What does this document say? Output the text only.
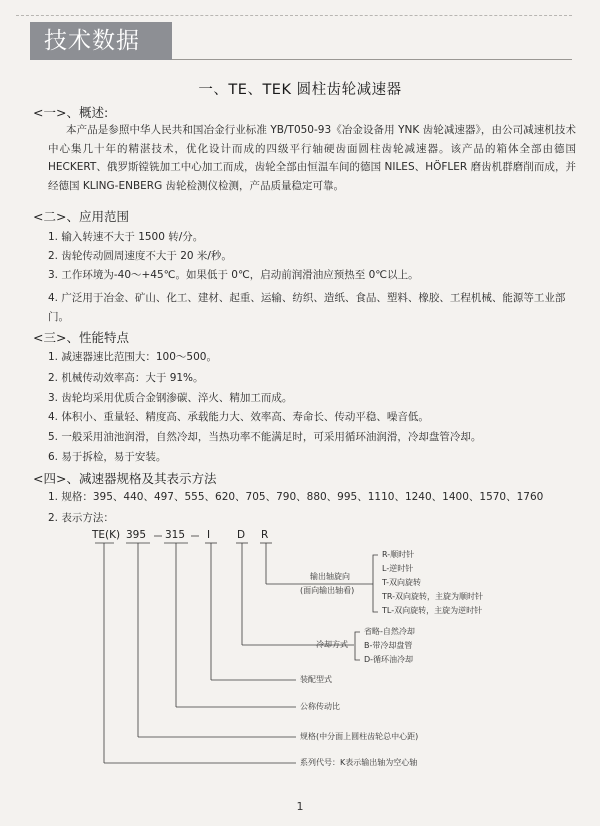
技术数据
一、TE、TEK 圆柱齿轮减速器
<一>、概述:
本产品是参照中华人民共和国冶金行业标准 YB/T050-93《冶金设备用 YNK 齿轮减速器》，由公司减速机技术中心集几十年的精湛技术，优化设计而成的四级平行轴硬齿面圆柱齿轮减速器。该产品的箱体全部由德国 HECKERT、俄罗斯镗铣加工中心加工而成，齿轮全部由恒温车间的德国 NILES、HÖFLER 磨齿机群磨削而成，并经德国 KLING-ENBERG 齿轮检测仪检测，产品质量稳定可靠。
<二>、应用范围
1. 输入转速不大于 1500 转/分。
2. 齿轮传动圆周速度不大于 20 米/秒。
3. 工作环境为-40～+45℃。如果低于 0℃，启动前润滑油应预热至 0℃以上。
4. 广泛用于冶金、矿山、化工、建材、起重、运输、纺织、造纸、食品、塑料、橡胶、工程机械、能源等工业部门。
<三>、性能特点
1. 减速器速比范围大：100～500。
2. 机械传动效率高：大于 91%。
3. 齿轮均采用优质合金钢渗碳、淬火、精加工而成。
4. 体积小、重量轻、精度高、承载能力大、效率高、寿命长、传动平稳、噪音低。
5. 一般采用油池润滑，自然冷却，当热功率不能满足时，可采用循环油润滑，冷却盘管冷却。
6. 易于拆检，易于安装。
<四>、减速器规格及其表示方法
1. 规格：395、440、497、555、620、705、790、880、995、1110、1240、1400、1570、1760
2. 表示方法：
TE(K) 395 315 I	D R
输出轴旋向
(面向输出轴看)
R-顺时针
L-逆时针
T-双向旋转
TR-双向旋转，主旋为顺时针
TL-双向旋转，主旋为逆时针
冷却方式
省略-自然冷却
B-带冷却盘管
D-循环油冷却
装配型式
公称传动比
规格(中分面上圆柱齿轮总中心距)
系列代号：K表示输出轴为空心轴
1
